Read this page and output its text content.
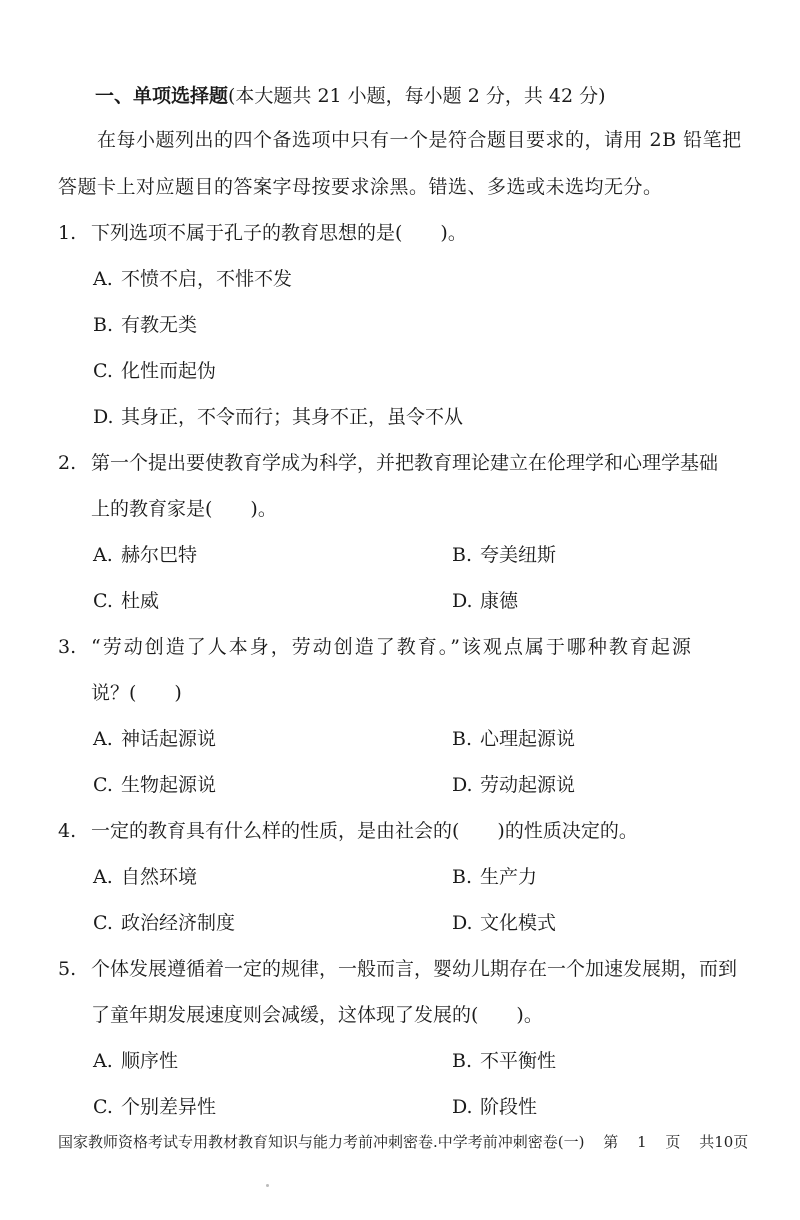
一、单项选择题(本大题共 21 小题，每小题 2 分，共 42 分)
在每小题列出的四个备选项中只有一个是符合题目要求的，请用 2B 铅笔把
答题卡上对应题目的答案字母按要求涂黑。错选、多选或未选均无分。
1. 下列选项不属于孔子的教育思想的是(　　)。
A. 不愤不启，不悱不发
B. 有教无类
C. 化性而起伪
D. 其身正，不令而行；其身不正，虽令不从
2. 第一个提出要使教育学成为科学，并把教育理论建立在伦理学和心理学基础
上的教育家是(　　)。
A. 赫尔巴特	B. 夸美纽斯
C. 杜威	D. 康德
3. “劳动创造了人本身，劳动创造了教育。”该观点属于哪种教育起源
说？(　　)
A. 神话起源说	B. 心理起源说
C. 生物起源说	D. 劳动起源说
4. 一定的教育具有什么样的性质，是由社会的(　　)的性质决定的。
A. 自然环境	B. 生产力
C. 政治经济制度	D. 文化模式
5. 个体发展遵循着一定的规律，一般而言，婴幼儿期存在一个加速发展期，而到
了童年期发展速度则会减缓，这体现了发展的(　　)。
A. 顺序性	B. 不平衡性
C. 个别差异性	D. 阶段性
国家教师资格考试专用教材教育知识与能力考前冲刺密卷.中学考前冲刺密卷(一) 第 1 页 共10页
